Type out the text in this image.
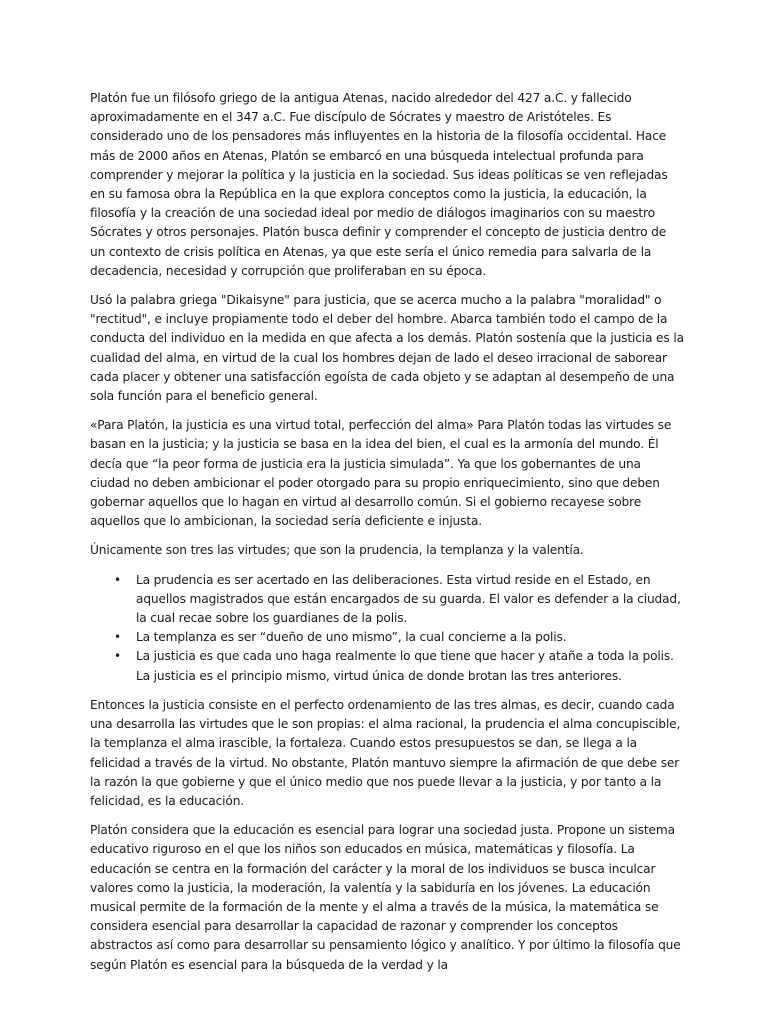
Platón fue un filósofo griego de la antigua Atenas, nacido alrededor del 427 a.C. y fallecido aproximadamente en el 347 a.C. Fue discípulo de Sócrates y maestro de Aristóteles. Es considerado uno de los pensadores más influyentes en la historia de la filosofía occidental. Hace más de 2000 años en Atenas, Platón se embarcó en una búsqueda intelectual profunda para comprender y mejorar la política y la justicia en la sociedad. Sus ideas políticas se ven reflejadas en su famosa obra la República en la que explora conceptos como la justicia, la educación, la filosofía y la creación de una sociedad ideal por medio de diálogos imaginarios con su maestro Sócrates y otros personajes. Platón busca definir y comprender el concepto de justicia dentro de un contexto de crisis política en Atenas, ya que este sería el único remedia para salvarla de la decadencia, necesidad y corrupción que proliferaban en su época.

Usó la palabra griega "Dikaisyne" para justicia, que se acerca mucho a la palabra "moralidad" o "rectitud", e incluye propiamente todo el deber del hombre. Abarca también todo el campo de la conducta del individuo en la medida en que afecta a los demás. Platón sostenía que la justicia es la cualidad del alma, en virtud de la cual los hombres dejan de lado el deseo irracional de saborear cada placer y obtener una satisfacción egoísta de cada objeto y se adaptan al desempeño de una sola función para el beneficio general.

«Para Platón, la justicia es una virtud total, perfección del alma» Para Platón todas las virtudes se basan en la justicia; y la justicia se basa en la idea del bien, el cual es la armonía del mundo. Él decía que “la peor forma de justicia era la justicia simulada”. Ya que los gobernantes de una ciudad no deben ambicionar el poder otorgado para su propio enriquecimiento, sino que deben gobernar aquellos que lo hagan en virtud al desarrollo común. Si el gobierno recayese sobre aquellos que lo ambicionan, la sociedad sería deficiente e injusta.

Únicamente son tres las virtudes; que son la prudencia, la templanza y la valentía.

• La prudencia es ser acertado en las deliberaciones. Esta virtud reside en el Estado, en aquellos magistrados que están encargados de su guarda. El valor es defender a la ciudad, la cual recae sobre los guardianes de la polis.
• La templanza es ser “dueño de uno mismo”, la cual concierne a la polis.
• La justicia es que cada uno haga realmente lo que tiene que hacer y atañe a toda la polis. La justicia es el principio mismo, virtud única de donde brotan las tres anteriores.

Entonces la justicia consiste en el perfecto ordenamiento de las tres almas, es decir, cuando cada una desarrolla las virtudes que le son propias: el alma racional, la prudencia el alma concupiscible, la templanza el alma irascible, la fortaleza. Cuando estos presupuestos se dan, se llega a la felicidad a través de la virtud. No obstante, Platón mantuvo siempre la afirmación de que debe ser la razón la que gobierne y que el único medio que nos puede llevar a la justicia, y por tanto a la felicidad, es la educación.

Platón considera que la educación es esencial para lograr una sociedad justa. Propone un sistema educativo riguroso en el que los niños son educados en música, matemáticas y filosofía. La educación se centra en la formación del carácter y la moral de los individuos se busca inculcar valores como la justicia, la moderación, la valentía y la sabiduría en los jóvenes. La educación musical permite de la formación de la mente y el alma a través de la música, la matemática se considera esencial para desarrollar la capacidad de razonar y comprender los conceptos abstractos así como para desarrollar su pensamiento lógico y analítico. Y por último la filosofía que según Platón es esencial para la búsqueda de la verdad y la
